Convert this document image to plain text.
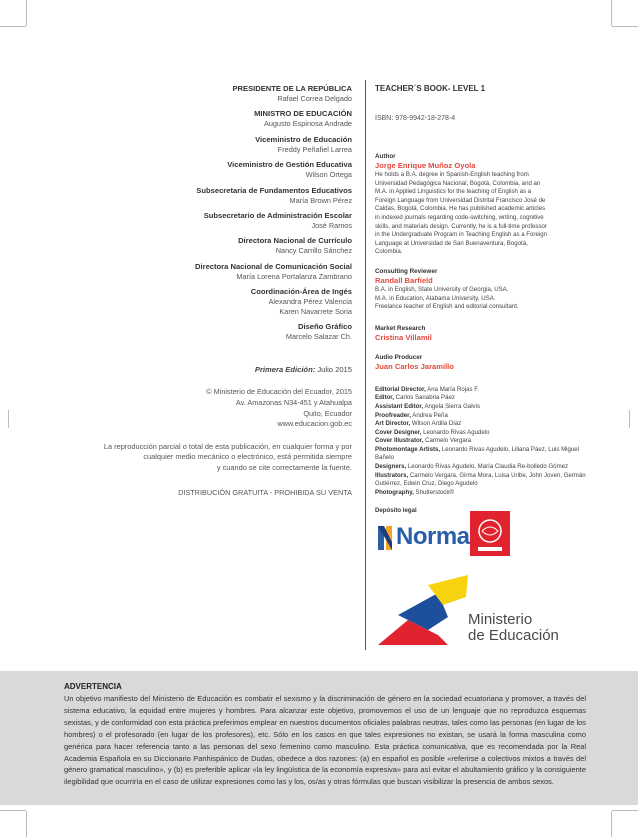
PRESIDENTE DE LA REPÚBLICA
Rafael Correa Delgado
MINISTRO DE EDUCACIÓN
Augusto Espinosa Andrade
Viceministro de Educación
Freddy Peñafiel Larrea
Viceministro de Gestión Educativa
Wilson Ortega
Subsecretaria de Fundamentos Educativos
María Brown Pérez
Subsecretario de Administración Escolar
José Ramos
Directora Nacional de Currículo
Nancy Carrillo Sánchez
Directora Nacional de Comunicación Social
María Lorena Portalanza Zambrano
Coordinación-Área de Ingés
Alexandra Pérez Valencia
Karen Navarrete Soria
Diseño Gráfico
Marcelo Salazar Ch.
Primera Edición: Julio 2015
© Ministerio de Educación del Ecuador, 2015
Av. Amazonas N34-451 y Atahualpa
Quito, Ecuador
www.educacion.gob.ec
La reproducción parcial o total de esta publicación, en cualquier forma y por
cualquier medio mecánico o electrónico, está permitida siempre
y cuando se cite correctamente la fuente.
DISTRIBUCIÓN GRATUITA - PROHIBIDA SU VENTA
TEACHER´S BOOK- LEVEL 1
ISBN: 978-9942-18-278-4
Author
Jorge Enrique Muñoz Oyola
He holds a B.A. degree in Spanish-English teaching from
Universidad Pedagógica Nacional, Bogotá, Colombia, and an
M.A. in Applied Linguistics for the teaching of English as a
Foreign Language from Universidad Distrital Francisco José de
Caldas, Bogotá, Colombia. He has published academic articles
in indexed journals regarding code-switching, writing, cognitive
skills, and materials design. Currently, he is a full-time professor
in the Undergraduate Program in Teaching English as a Foreign
Language at Universidad de San Buenaventura, Bogotá,
Colombia.
Consulting Reviewer
Randall Barfield
B.A. in English, State University of Georgia, USA.
M.A. in Education, Alabama University, USA.
Freelance teacher of English and editorial consultant.
Market Research
Cristina Villamil
Audio Producer
Juan Carlos Jaramillo
Editorial Director, Ana María Rojas F.
Editor, Carlos Sanabria Páez
Assistant Editor, Angela Sierra Galvis
Proofreader, Andrea Peña
Art Director, Wilson Ardila Díaz
Cover Designer, Leonardo Rivas Agudelo
Cover Illustrator, Carmelo Vergara
Photomontage Artists, Leonardo Rivas Agudelo, Liliana Páez, Luis Miguel Bañelo
Designers, Leonardo Rivas Agudelo, María Claudia Re-bolledo Gómez
Illustrators, Carmelo Vergara, Girma Mora, Luisa Uribe, John Joven, Germán Gutiérrez, Edwin Cruz, Diego Agudelo
Photography, Shutterstock®
Depósito legal
Norma
Ministerio
de Educación
ADVERTENCIA
Un objetivo manifiesto del Ministerio de Educación es combatir el sexismo y la discriminación de género en la sociedad ecuatoriana y promover, a través del sistema educativo, la equidad entre mujeres y hombres. Para alcanzar este objetivo, promovemos el uso de un lenguaje que no reproduzca esquemas sexistas, y de conformidad con esta práctica preferimos emplear en nuestros documentos oficiales palabras neutras, tales como las personas (en lugar de los hombres) o el profesorado (en lugar de los profesores), etc. Sólo en los casos en que tales expresiones no existan, se usará la forma masculina como genérica para hacer referencia tanto a las personas del sexo femenino como masculino. Esta práctica comunicativa, que es recomendada por la Real Academia Española en su Diccionario Panhispánico de Dudas, obedece a dos razones: (a) en español es posible «referirse a colectivos mixtos a través del género gramatical masculino», y (b) es preferible aplicar «la ley lingüística de la economía expresiva» para así evitar el abultamiento gráfico y la consiguiente ilegibilidad que ocurriría en el caso de utilizar expresiones como las y los, os/as y otras fórmulas que buscan visibilizar la presencia de ambos sexos.
